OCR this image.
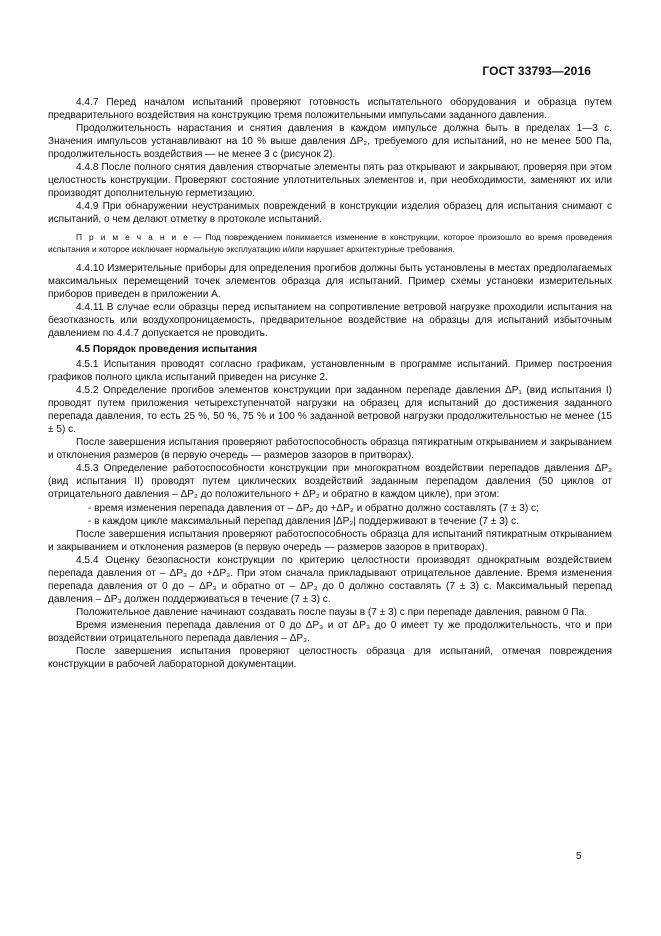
ГОСТ 33793—2016

4.4.7 Перед началом испытаний проверяют готовность испытательного оборудования и образца путем предварительного воздействия на конструкцию тремя положительными импульсами заданного давления.

Продолжительность нарастания и снятия давления в каждом импульсе должна быть в пределах 1—3 с. Значения импульсов устанавливают на 10 % выше давления ΔP₂, требуемого для испытаний, но не менее 500 Па, продолжительность воздействия — не менее 3 с (рисунок 2).

4.4.8 После полного снятия давления створчатые элементы пять раз открывают и закрывают, проверяя при этом целостность конструкции. Проверяют состояние уплотнительных элементов и, при необходимости, заменяют их или производят дополнительную герметизацию.

4.4.9 При обнаружении неустранимых повреждений в конструкции изделия образец для испытания снимают с испытаний, о чем делают отметку в протоколе испытаний.

П р и м е ч а н и е — Под повреждением понимается изменение в конструкции, которое произошло во время проведения испытания и которое исключает нормальную эксплуатацию и/или нарушает архитектурные требования.

4.4.10 Измерительные приборы для определения прогибов должны быть установлены в местах предполагаемых максимальных перемещений точек элементов образца для испытаний. Пример схемы установки измерительных приборов приведен в приложении А.

4.4.11 В случае если образцы перед испытанием на сопротивление ветровой нагрузке проходили испытания на безотказность или воздухопроницаемость, предварительное воздействие на образцы для испытаний избыточным давлением по 4.4.7 допускается не проводить.

4.5 Порядок проведения испытания

4.5.1 Испытания проводят согласно графикам, установленным в программе испытаний. Пример построения графиков полного цикла испытаний приведен на рисунке 2.

4.5.2 Определение прогибов элементов конструкции при заданном перепаде давления ΔP₁ (вид испытания I) проводят путем приложения четырехступенчатой нагрузки на образец для испытаний до достижения заданного перепада давления, то есть 25 %, 50 %, 75 % и 100 % заданной ветровой нагрузки продолжительностью не менее (15 ± 5) с.

После завершения испытания проверяют работоспособность образца пятикратным открыванием и закрыванием и отклонения размеров (в первую очередь — размеров зазоров в притворах).

4.5.3 Определение работоспособности конструкции при многократном воздействии перепадов давления ΔP₂ (вид испытания II) проводят путем циклических воздействий заданным перепадом давления (50 циклов от отрицательного давления – ΔP₂ до положительного + ΔP₂ и обратно в каждом цикле), при этом:

- время изменения перепада давления от – ΔP₂ до +ΔP₂ и обратно должно составлять (7 ± 3) с;

- в каждом цикле максимальный перепад давления |ΔP₂| поддерживают в течение (7 ± 3) с.

После завершения испытания проверяют работоспособность образца для испытаний пятикратным открыванием и закрыванием и отклонения размеров (в первую очередь — размеров зазоров в притворах).

4.5.4 Оценку безопасности конструкции по критерию целостности производят однократным воздействием перепада давления от – ΔP₃ до +ΔP₃. При этом сначала прикладывают отрицательное давление. Время изменения перепада давления от 0 до – ΔP₃ и обратно от – ΔP₃ до 0 должно составлять (7 ± 3) с. Максимальный перепад давления – ΔP₃ должен поддерживаться в течение (7 ± 3) с.

Положительное давление начинают создавать после паузы в (7 ± 3) с при перепаде давления, равном 0 Па.

Время изменения перепада давления от 0 до ΔP₃ и от ΔP₃ до 0 имеет ту же продолжительность, что и при воздействии отрицательного перепада давления – ΔP₃.

После завершения испытания проверяют целостность образца для испытаний, отмечая повреждения конструкции в рабочей лабораторной документации.

5
